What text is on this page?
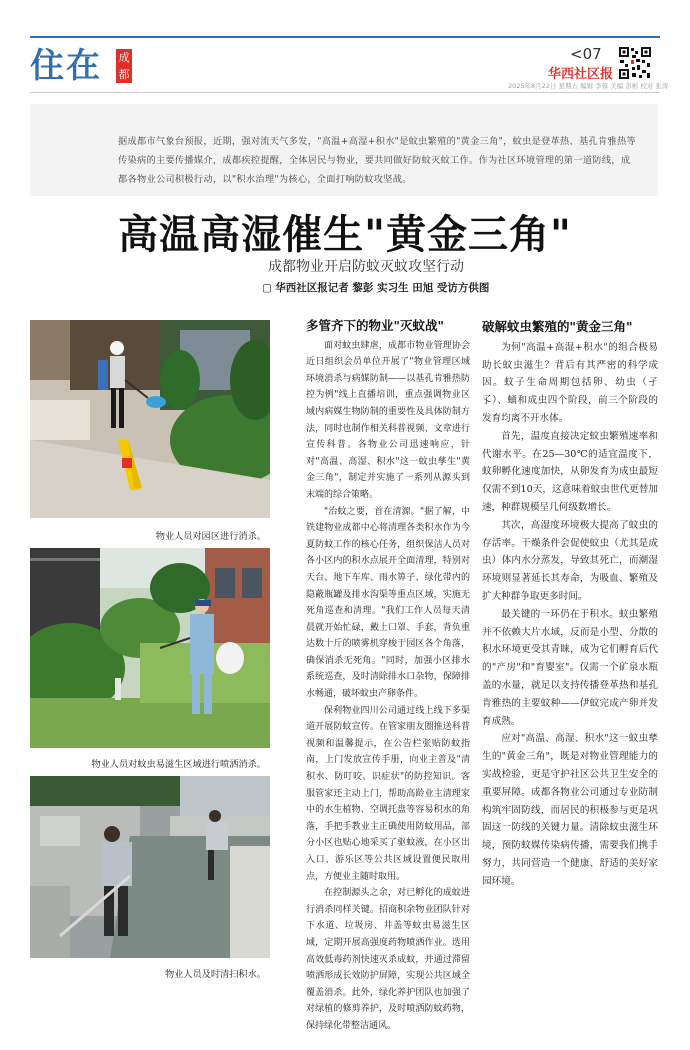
住在 成都
<07
华西社区报
2025年8月22日 星期五 编辑 李蓉 美编 彭彬 校对 张涛
据成都市气象台预报，近期，强对流天气多发，"高温+高湿+积水"是蚊虫繁殖的"黄金三角"，蚊虫是登革热、基孔肯雅热等传染病的主要传播媒介，成都疾控提醒，全体居民与物业，要共同做好防蚊灭蚊工作。作为社区环境管理的第一道防线，成都各物业公司积极行动，以"积水治理"为核心，全面打响防蚊攻坚战。
高温高湿催生"黄金三角"
成都物业开启防蚊灭蚊攻坚行动
▢ 华西社区报记者 黎彭 实习生 田旭 受访方供图
物业人员对园区进行消杀。
物业人员对蚊虫易滋生区域进行喷洒消杀。
物业人员及时清扫积水。
多管齐下的物业"灭蚊战"

面对蚊虫肆虐，成都市物业管理协会近日组织会员单位开展了"物业管理区域环境消杀与病媒防制——以基孔肯雅热防控为例"线上直播培训，重点强调物业区域内病媒生物防制的重要性及具体防制方法，同时也制作相关科普视频、文章进行宣传科普。各物业公司迅速响应，针对"高温、高湿、积水"这一蚊虫孳生"黄金三角"，制定并实施了一系列从源头到末端的综合策略。

"治蚊之要，首在清源。"据了解，中铁建物业成都中心将清理各类积水作为今夏防蚊工作的核心任务，组织保洁人员对各小区内的积水点展开全面清理，特别对天台、地下车库、雨水箅子、绿化带内的隐蔽瓶罐及排水沟渠等重点区域，实施无死角巡查和清理。"我们工作人员每天清晨就开始忙碌，戴上口罩、手套，背负重达数十斤的喷雾机穿梭于园区各个角落，确保消杀无死角。"同时，加强小区排水系统巡查，及时清除排水口杂物，保障排水畅通，破坏蚊虫产卵条件。

保利物业四川公司通过线上线下多渠道开展防蚊宣传。在管家朋友圈推送科普视频和温馨提示，在公告栏张贴防蚊指南，上门发放宣传手册，向业主普及"清积水、防叮咬、识症状"的防控知识。客服管家还主动上门，帮助高龄业主清理家中的水生植物、空调托盘等容易积水的角落，手把手教业主正确使用防蚊用品，部分小区也贴心地采买了驱蚊液，在小区出入口、游乐区等公共区域设置便民取用点，方便业主随时取用。

在控制源头之余，对已孵化的成蚊进行消杀同样关键。招商积余物业团队针对下水道、垃圾房、井盖等蚊虫易滋生区域，定期开展高强度药物喷洒作业。选用高效低毒药剂快速灭杀成蚊，并通过滞留喷洒形成长效防护屏障，实现公共区域全覆盖消杀。此外，绿化养护团队也加强了对绿植的修剪养护，及时喷洒防蚊药物，保持绿化带整洁通风。

破解蚊虫繁殖的"黄金三角"

为何"高温+高湿+积水"的组合极易助长蚊虫滋生？背后有其严密的科学成因。蚊子生命周期包括卵、幼虫（孑孓）、蛹和成虫四个阶段，前三个阶段的发育均离不开水体。

首先，温度直接决定蚊虫繁殖速率和代谢水平。在25—30℃的适宜温度下，蚊卵孵化速度加快，从卵发育为成虫最短仅需不到10天，这意味着蚊虫世代更替加速，种群规模呈几何级数增长。

其次，高湿度环境极大提高了蚊虫的存活率。干燥条件会促使蚊虫（尤其是成虫）体内水分蒸发，导致其死亡，而潮湿环境则显著延长其寿命，为吸血、繁殖及扩大种群争取更多时间。

最关键的一环仍在于积水。蚊虫繁殖并不依赖大片水域，反而是小型、分散的积水环境更受其青睐，成为它们孵育后代的"产房"和"育婴室"。仅需一个矿泉水瓶盖的水量，就足以支持传播登革热和基孔肯雅热的主要蚊种——伊蚊完成产卵并发育成熟。

应对"高温、高湿、积水"这一蚊虫孳生的"黄金三角"，既是对物业管理能力的实战检验，更是守护社区公共卫生安全的重要屏障。成都各物业公司通过专业防制构筑牢固防线，而居民的积极参与更是巩固这一防线的关键力量。清除蚊虫滋生环境，预防蚊媒传染病传播，需要我们携手努力，共同营造一个健康、舒适的美好家园环境。
